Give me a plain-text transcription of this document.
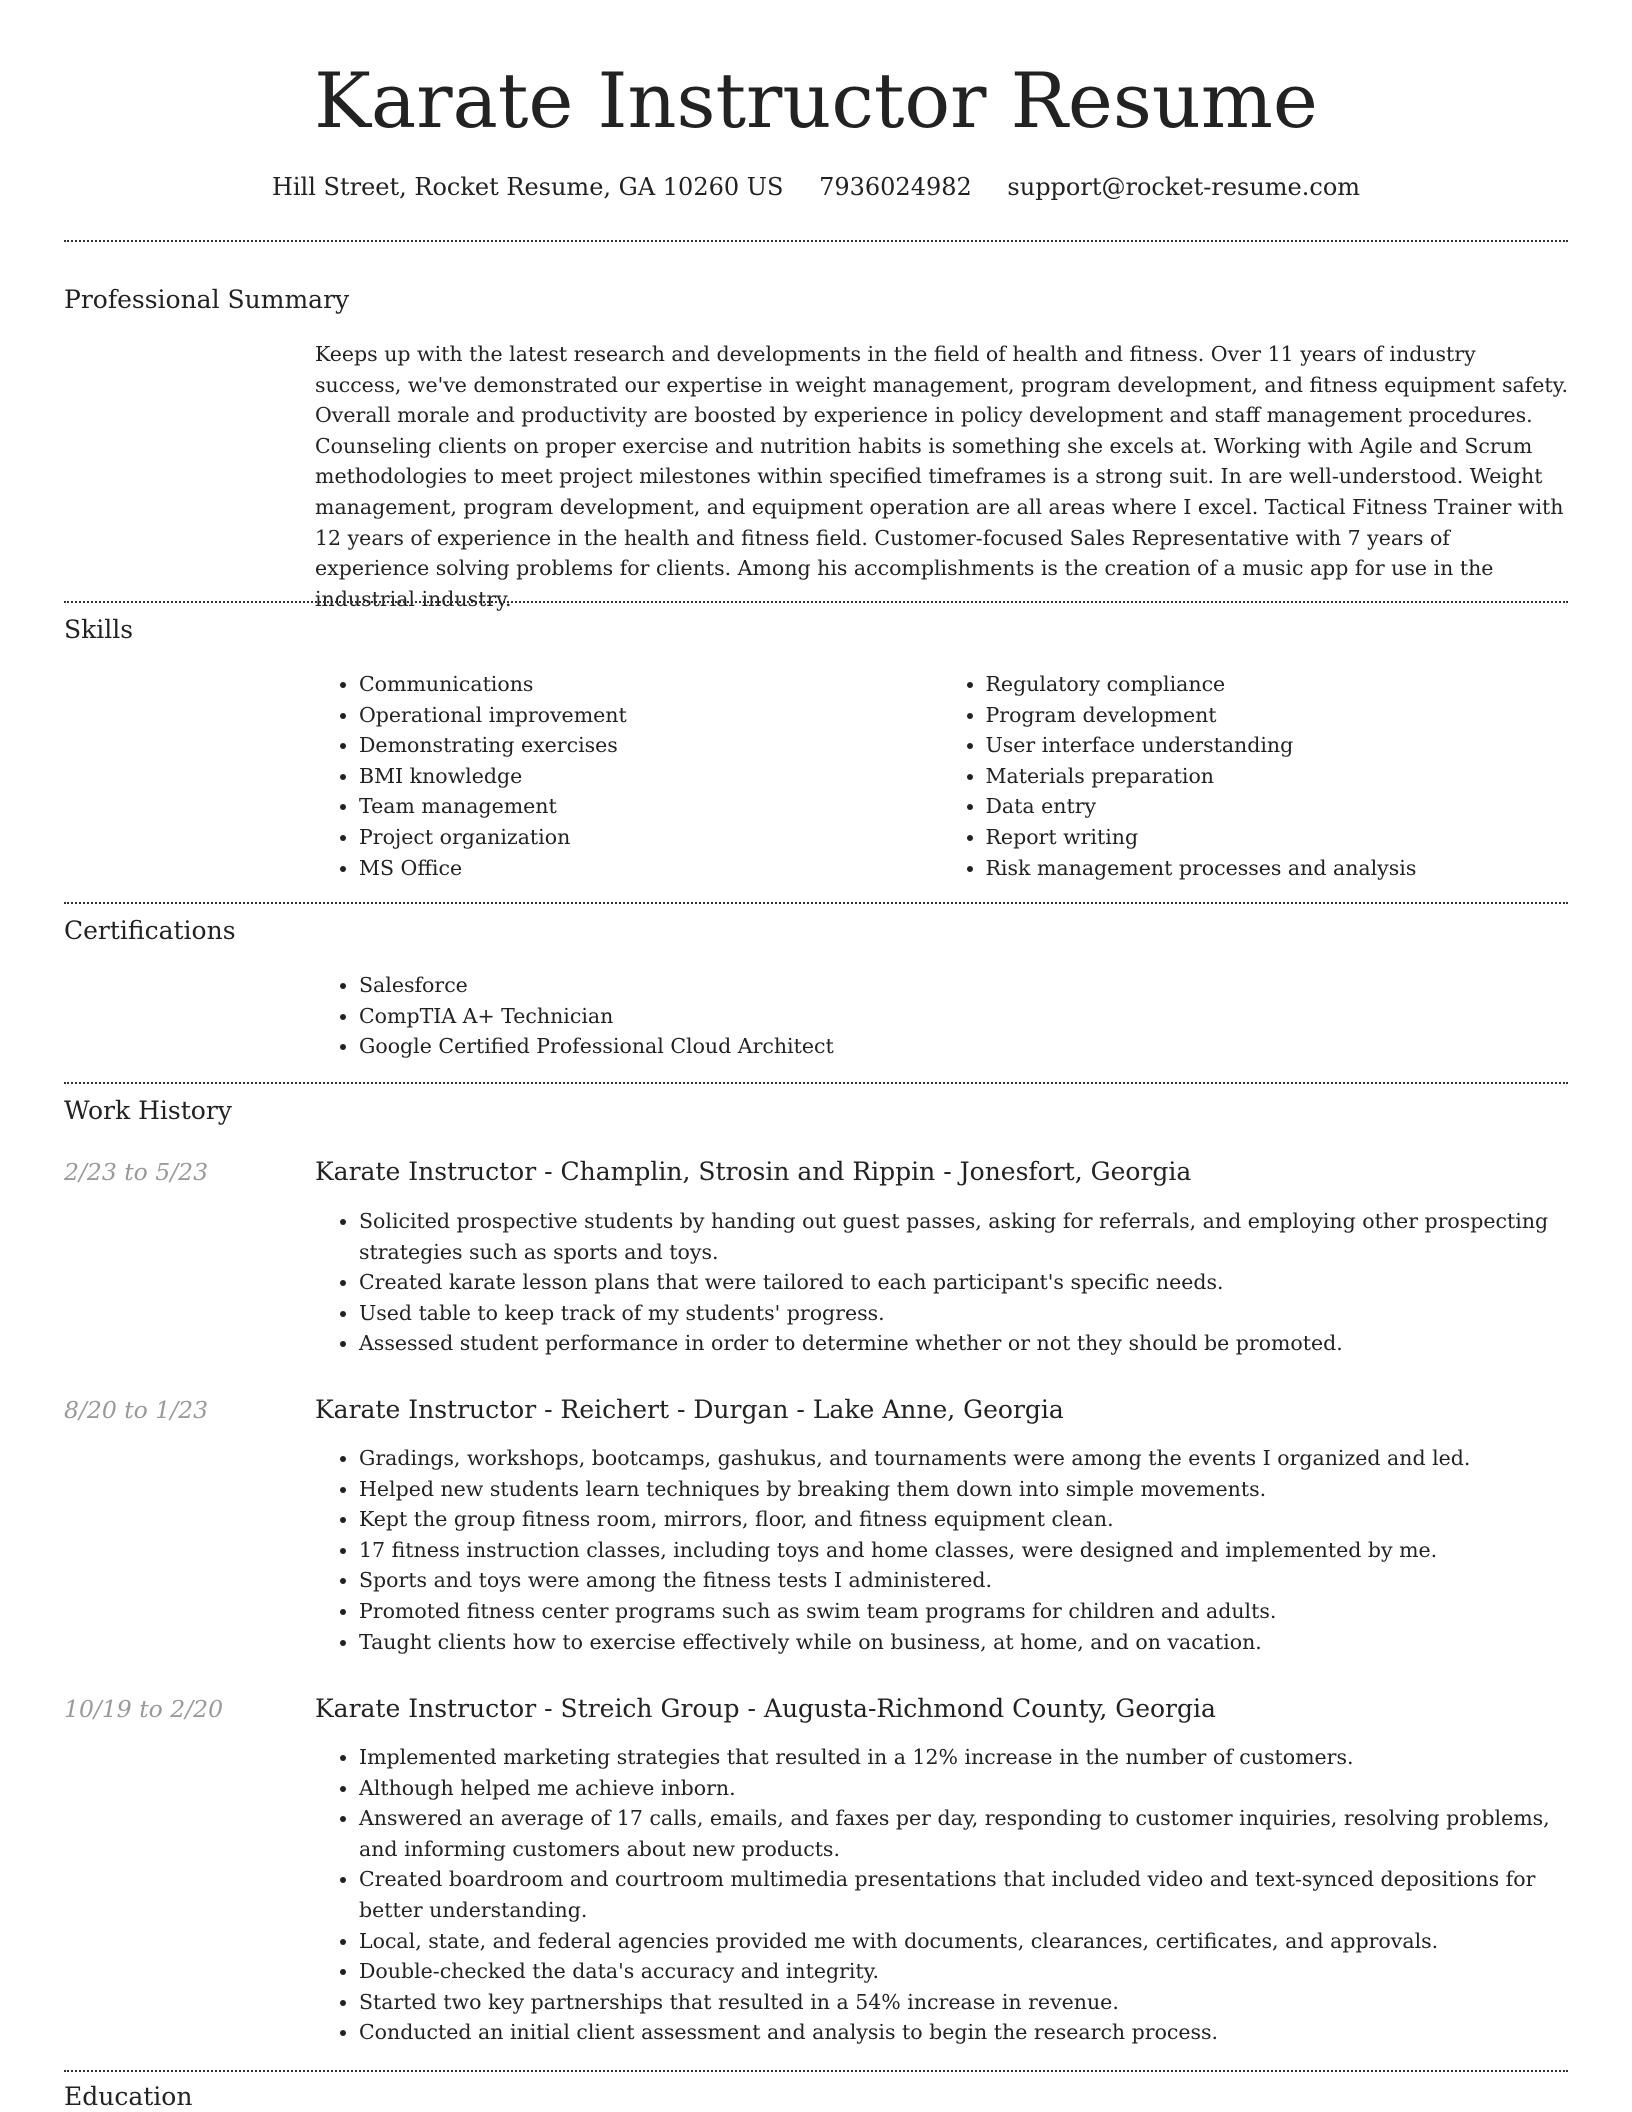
Karate Instructor Resume
Hill Street, Rocket Resume, GA 10260 US 7936024982 support@rocket-resume.com
Professional Summary

Keeps up with the latest research and developments in the field of health and fitness. Over 11 years of industry success, we've demonstrated our expertise in weight management, program development, and fitness equipment safety. Overall morale and productivity are boosted by experience in policy development and staff management procedures. Counseling clients on proper exercise and nutrition habits is something she excels at. Working with Agile and Scrum methodologies to meet project milestones within specified timeframes is a strong suit. In are well-understood. Weight management, program development, and equipment operation are all areas where I excel. Tactical Fitness Trainer with 12 years of experience in the health and fitness field. Customer-focused Sales Representative with 7 years of experience solving problems for clients. Among his accomplishments is the creation of a music app for use in the industrial industry.

Skills
• Communications
• Operational improvement
• Demonstrating exercises
• BMI knowledge
• Team management
• Project organization
• MS Office
• Regulatory compliance
• Program development
• User interface understanding
• Materials preparation
• Data entry
• Report writing
• Risk management processes and analysis
Certifications
• Salesforce
• CompTIA A+ Technician
• Google Certified Professional Cloud Architect
Work History
2/23 to 5/23	Karate Instructor - Champlin, Strosin and Rippin - Jonesfort, Georgia
• Solicited prospective students by handing out guest passes, asking for referrals, and employing other prospecting strategies such as sports and toys.
• Created karate lesson plans that were tailored to each participant's specific needs.
• Used table to keep track of my students' progress.
• Assessed student performance in order to determine whether or not they should be promoted.
8/20 to 1/23	Karate Instructor - Reichert - Durgan - Lake Anne, Georgia
• Gradings, workshops, bootcamps, gashukus, and tournaments were among the events I organized and led.
• Helped new students learn techniques by breaking them down into simple movements.
• Kept the group fitness room, mirrors, floor, and fitness equipment clean.
• 17 fitness instruction classes, including toys and home classes, were designed and implemented by me.
• Sports and toys were among the fitness tests I administered.
• Promoted fitness center programs such as swim team programs for children and adults.
• Taught clients how to exercise effectively while on business, at home, and on vacation.
10/19 to 2/20	Karate Instructor - Streich Group - Augusta-Richmond County, Georgia
• Implemented marketing strategies that resulted in a 12% increase in the number of customers.
• Although helped me achieve inborn.
• Answered an average of 17 calls, emails, and faxes per day, responding to customer inquiries, resolving problems, and informing customers about new products.
• Created boardroom and courtroom multimedia presentations that included video and text-synced depositions for better understanding.
• Local, state, and federal agencies provided me with documents, clearances, certificates, and approvals.
• Double-checked the data's accuracy and integrity.
• Started two key partnerships that resulted in a 54% increase in revenue.
• Conducted an initial client assessment and analysis to begin the research process.
Education
